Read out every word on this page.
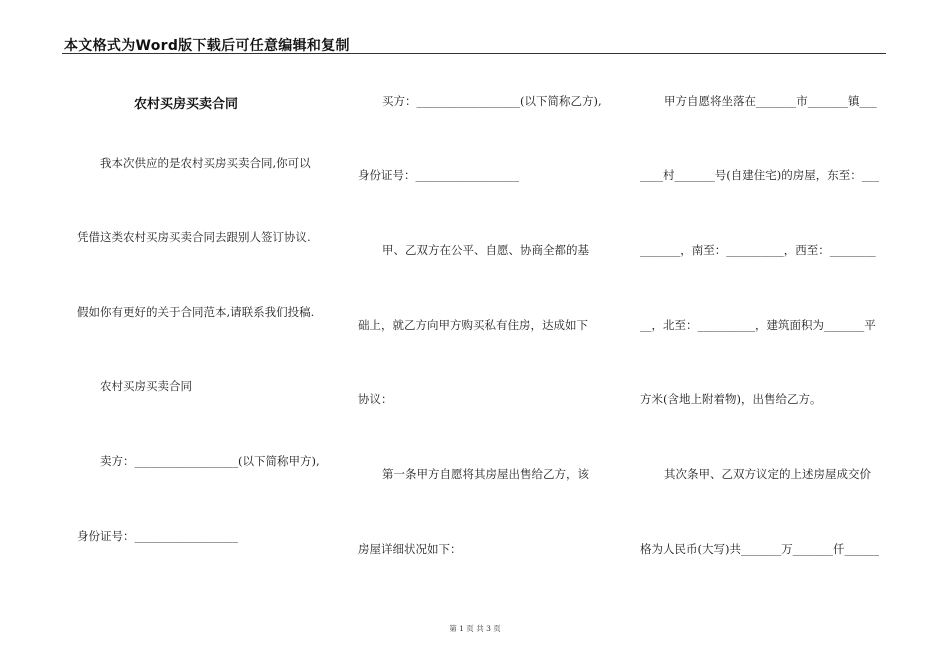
本文格式为Word版下载后可任意编辑和复制
农村买房买卖合同
我本次供应的是农村买房买卖合同,你可以
凭借这类农村买房买卖合同去跟别人签订协议.
假如你有更好的关于合同范本,请联系我们投稿.
农村买房买卖合同
卖方：__________________(以下简称甲方),
身份证号：__________________
买方：__________________(以下简称乙方),
身份证号：__________________
甲、乙双方在公平、自愿、协商全都的基
础上，就乙方向甲方购买私有住房，达成如下
协议：
第一条甲方自愿将其房屋出售给乙方，该
房屋详细状况如下：
甲方自愿将坐落在_______市_______镇___
____村_______号(自建住宅)的房屋，东至：___
_______，南至：__________，西至：________
__，北至：__________，建筑面积为_______平
方米(含地上附着物)，出售给乙方。
其次条甲、乙双方议定的上述房屋成交价
格为人民币(大写)共_______万_______仟______
第 1 页 共 3 页
